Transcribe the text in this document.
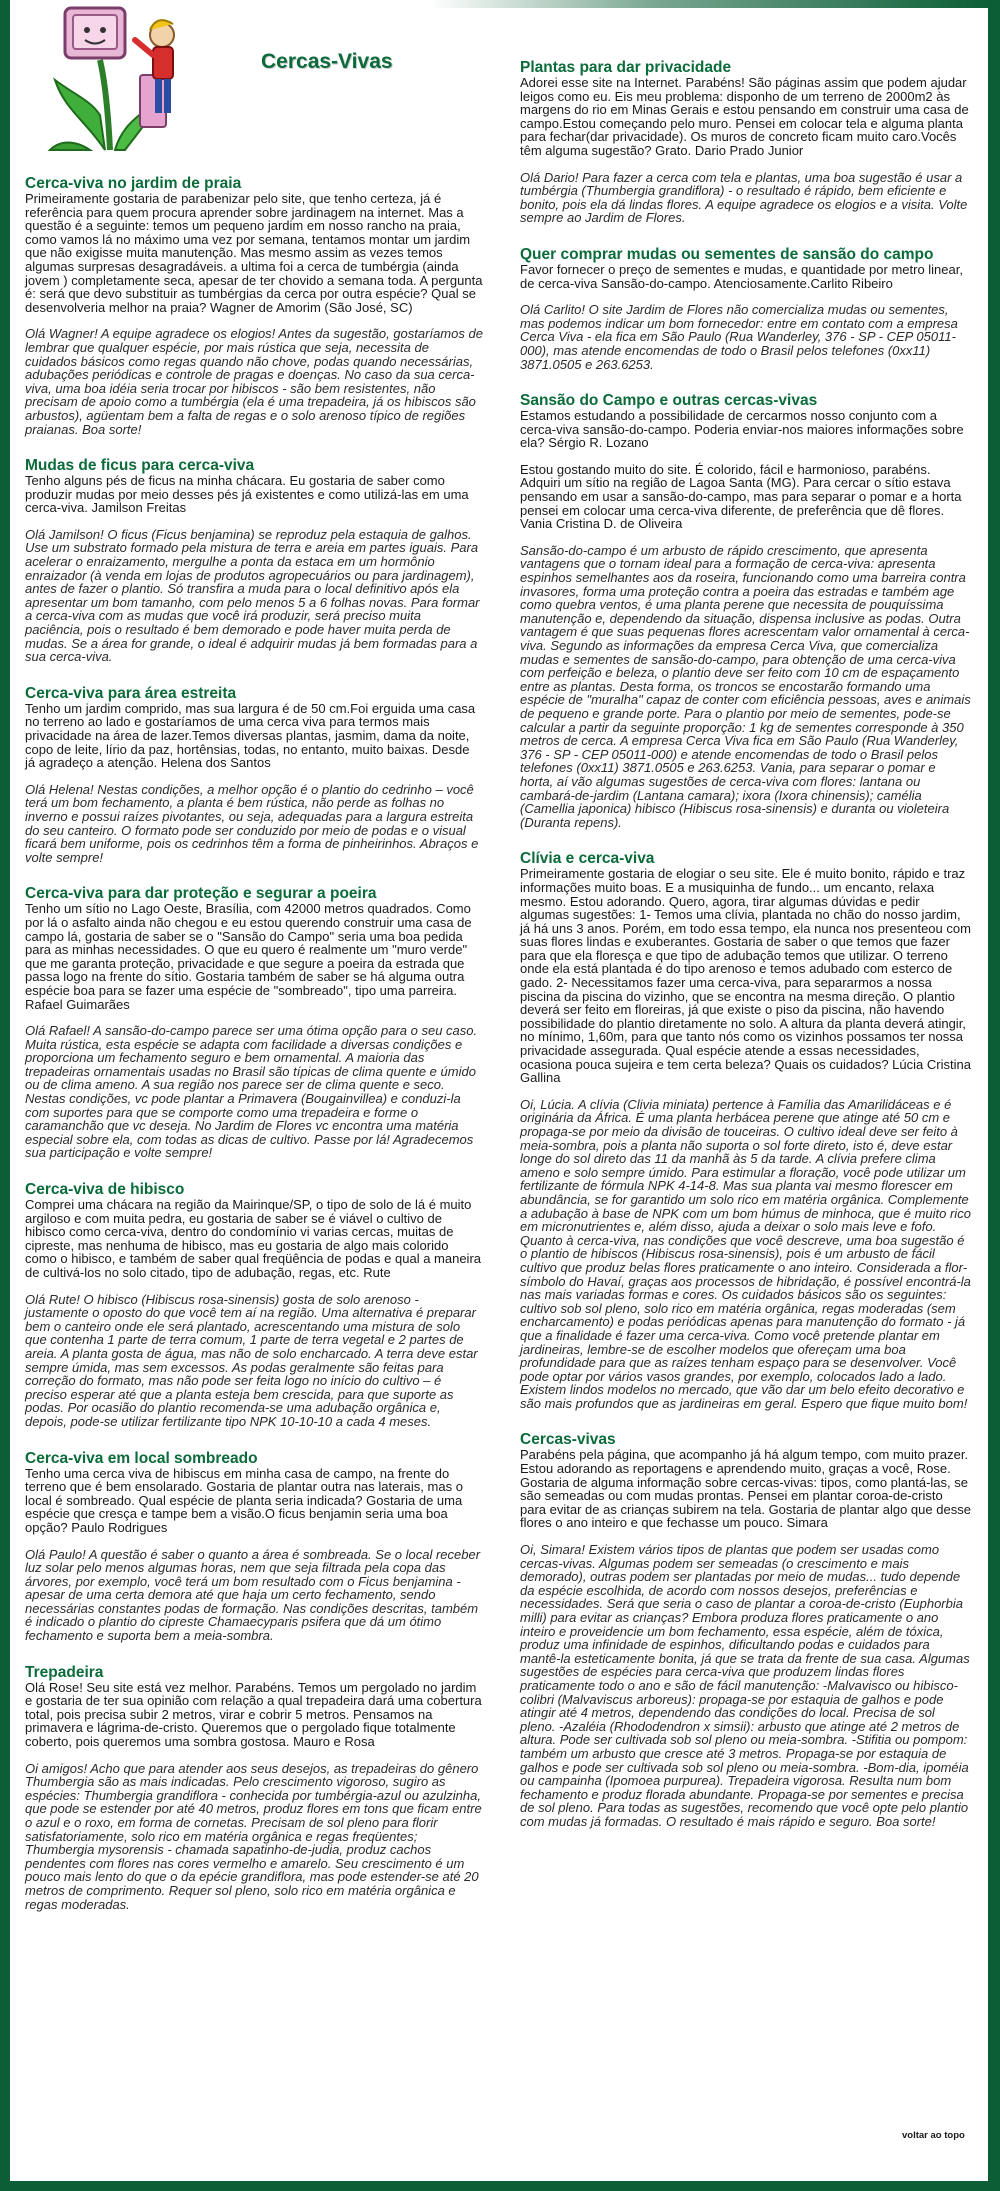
Cercas-Vivas
Cerca-viva no jardim de praia

Primeiramente gostaria de parabenizar pelo site, que tenho certeza, já é referência para quem procura aprender sobre jardinagem na internet. Mas a questão é a seguinte: temos um pequeno jardim em nosso rancho na praia, como vamos lá no máximo uma vez por semana, tentamos montar um jardim que não exigisse muita manutenção. Mas mesmo assim as vezes temos algumas surpresas desagradáveis. a ultima foi a cerca de tumbérgia (ainda jovem ) completamente seca, apesar de ter chovido a semana toda. A pergunta é: será que devo substituir as tumbérgias da cerca por outra espécie? Qual se desenvolveria melhor na praia? Wagner de Amorim (São José, SC)

Olá Wagner! A equipe agradece os elogios! Antes da sugestão, gostaríamos de lembrar que qualquer espécie, por mais rústica que seja, necessita de cuidados básicos como regas quando não chove, podas quando necessárias, adubações periódicas e controle de pragas e doenças. No caso da sua cerca-viva, uma boa idéia seria trocar por hibiscos - são bem resistentes, não precisam de apoio como a tumbérgia (ela é uma trepadeira, já os hibiscos são arbustos), agüentam bem a falta de regas e o solo arenoso típico de regiões praianas. Boa sorte!

Mudas de ficus para cerca-viva

Tenho alguns pés de ficus na minha chácara. Eu gostaria de saber como produzir mudas por meio desses pés já existentes e como utilizá-las em uma cerca-viva. Jamilson Freitas

Olá Jamilson! O ficus (Ficus benjamina) se reproduz pela estaquia de galhos. Use um substrato formado pela mistura de terra e areia em partes iguais. Para acelerar o enraizamento, mergulhe a ponta da estaca em um hormônio enraizador (à venda em lojas de produtos agropecuários ou para jardinagem), antes de fazer o plantio. Só transfira a muda para o local definitivo após ela apresentar um bom tamanho, com pelo menos 5 a 6 folhas novas. Para formar a cerca-viva com as mudas que você irá produzir, será preciso muita paciência, pois o resultado é bem demorado e pode haver muita perda de mudas. Se a área for grande, o ideal é adquirir mudas já bem formadas para a sua cerca-viva.

Cerca-viva para área estreita

Tenho um jardim comprido, mas sua largura é de 50 cm.Foi erguida uma casa no terreno ao lado e gostaríamos de uma cerca viva para termos mais privacidade na área de lazer.Temos diversas plantas, jasmim, dama da noite, copo de leite, lírio da paz, hortênsias, todas, no entanto, muito baixas. Desde já agradeço a atenção. Helena dos Santos

Olá Helena! Nestas condições, a melhor opção é o plantio do cedrinho – você terá um bom fechamento, a planta é bem rústica, não perde as folhas no inverno e possui raízes pivotantes, ou seja, adequadas para a largura estreita do seu canteiro. O formato pode ser conduzido por meio de podas e o visual ficará bem uniforme, pois os cedrinhos têm a forma de pinheirinhos. Abraços e volte sempre!

Cerca-viva para dar proteção e segurar a poeira

Tenho um sítio no Lago Oeste, Brasília, com 42000 metros quadrados. Como por lá o asfalto ainda não chegou e eu estou querendo construir uma casa de campo lá, gostaria de saber se o "Sansão do Campo" seria uma boa pedida para as minhas necessidades. O que eu quero é realmente um "muro verde" que me garanta proteção, privacidade e que segure a poeira da estrada que passa logo na frente do sítio. Gostaria também de saber se há alguma outra espécie boa para se fazer uma espécie de "sombreado", tipo uma parreira. Rafael Guimarães

Olá Rafael! A sansão-do-campo parece ser uma ótima opção para o seu caso. Muita rústica, esta espécie se adapta com facilidade a diversas condições e proporciona um fechamento seguro e bem ornamental. A maioria das trepadeiras ornamentais usadas no Brasil são típicas de clima quente e úmido ou de clima ameno. A sua região nos parece ser de clima quente e seco. Nestas condições, vc pode plantar a Primavera (Bougainvillea) e conduzi-la com suportes para que se comporte como uma trepadeira e forme o caramanchão que vc deseja. No Jardim de Flores vc encontra uma matéria especial sobre ela, com todas as dicas de cultivo. Passe por lá! Agradecemos sua participação e volte sempre!

Cerca-viva de hibisco

Comprei uma chácara na região da Mairinque/SP, o tipo de solo de lá é muito argiloso e com muita pedra, eu gostaria de saber se é viável o cultivo de hibisco como cerca-viva, dentro do condomínio vi varias cercas, muitas de cipreste, mas nenhuma de hibisco, mas eu gostaria de algo mais colorido como o hibisco, e também de saber qual freqüência de podas e qual a maneira de cultivá-los no solo citado, tipo de adubação, regas, etc. Rute

Olá Rute! O hibisco (Hibiscus rosa-sinensis) gosta de solo arenoso - justamente o oposto do que você tem aí na região. Uma alternativa é preparar bem o canteiro onde ele será plantado, acrescentando uma mistura de solo que contenha 1 parte de terra comum, 1 parte de terra vegetal e 2 partes de areia. A planta gosta de água, mas não de solo encharcado. A terra deve estar sempre úmida, mas sem excessos. As podas geralmente são feitas para correção do formato, mas não pode ser feita logo no início do cultivo – é preciso esperar até que a planta esteja bem crescida, para que suporte as podas. Por ocasião do plantio recomenda-se uma adubação orgânica e, depois, pode-se utilizar fertilizante tipo NPK 10-10-10 a cada 4 meses.

Cerca-viva em local sombreado

Tenho uma cerca viva de hibiscus em minha casa de campo, na frente do terreno que é bem ensolarado. Gostaria de plantar outra nas laterais, mas o local é sombreado. Qual espécie de planta seria indicada? Gostaria de uma espécie que cresça e tampe bem a visão.O ficus benjamin seria uma boa opção? Paulo Rodrigues

Olá Paulo! A questão é saber o quanto a área é sombreada. Se o local receber luz solar pelo menos algumas horas, nem que seja filtrada pela copa das árvores, por exemplo, você terá um bom resultado com o Ficus benjamina - apesar de uma certa demora até que haja um certo fechamento, sendo necessárias constantes podas de formação. Nas condições descritas, também é indicado o plantio do cipreste Chamaecyparis psifera que dá um ótimo fechamento e suporta bem a meia-sombra.

Trepadeira

Olá Rose! Seu site está vez melhor. Parabéns. Temos um pergolado no jardim e gostaria de ter sua opinião com relação a qual trepadeira dará uma cobertura total, pois precisa subir 2 metros, virar e cobrir 5 metros. Pensamos na primavera e lágrima-de-cristo. Queremos que o pergolado fique totalmente coberto, pois queremos uma sombra gostosa. Mauro e Rosa

Oi amigos! Acho que para atender aos seus desejos, as trepadeiras do gênero Thumbergia são as mais indicadas. Pelo crescimento vigoroso, sugiro as espécies: Thumbergia grandiflora - conhecida por tumbérgia-azul ou azulzinha, que pode se estender por até 40 metros, produz flores em tons que ficam entre o azul e o roxo, em forma de cornetas. Precisam de sol pleno para florir satisfatoriamente, solo rico em matéria orgânica e regas freqüentes; Thumbergia mysorensis - chamada sapatinho-de-judia, produz cachos pendentes com flores nas cores vermelho e amarelo. Seu crescimento é um pouco mais lento do que o da epécie grandiflora, mas pode estender-se até 20 metros de comprimento. Requer sol pleno, solo rico em matéria orgânica e regas moderadas.

Plantas para dar privacidade

Adorei esse site na Internet. Parabéns! São páginas assim que podem ajudar leigos como eu. Eis meu problema: disponho de um terreno de 2000m2 às margens do rio em Minas Gerais e estou pensando em construir uma casa de campo.Estou começando pelo muro. Pensei em colocar tela e alguma planta para fechar(dar privacidade). Os muros de concreto ficam muito caro.Vocês têm alguma sugestão? Grato. Dario Prado Junior

Olá Dario! Para fazer a cerca com tela e plantas, uma boa sugestão é usar a tumbérgia (Thumbergia grandiflora) - o resultado é rápido, bem eficiente e bonito, pois ela dá lindas flores. A equipe agradece os elogios e a visita. Volte sempre ao Jardim de Flores.

Quer comprar mudas ou sementes de sansão do campo

Favor fornecer o preço de sementes e mudas, e quantidade por metro linear, de cerca-viva Sansão-do-campo. Atenciosamente.Carlito Ribeiro

Olá Carlito! O site Jardim de Flores não comercializa mudas ou sementes, mas podemos indicar um bom fornecedor: entre em contato com a empresa Cerca Viva - ela fica em São Paulo (Rua Wanderley, 376 - SP - CEP 05011-000), mas atende encomendas de todo o Brasil pelos telefones (0xx11) 3871.0505 e 263.6253.

Sansão do Campo e outras cercas-vivas

Estamos estudando a possibilidade de cercarmos nosso conjunto com a cerca-viva sansão-do-campo. Poderia enviar-nos maiores informações sobre ela? Sérgio R. Lozano

Estou gostando muito do site. É colorido, fácil e harmonioso, parabéns. Adquiri um sítio na região de Lagoa Santa (MG). Para cercar o sítio estava pensando em usar a sansão-do-campo, mas para separar o pomar e a horta pensei em colocar uma cerca-viva diferente, de preferência que dê flores. Vania Cristina D. de Oliveira

Sansão-do-campo é um arbusto de rápido crescimento, que apresenta vantagens que o tornam ideal para a formação de cerca-viva: apresenta espinhos semelhantes aos da roseira, funcionando como uma barreira contra invasores, forma uma proteção contra a poeira das estradas e também age como quebra ventos, é uma planta perene que necessita de pouquíssima manutenção e, dependendo da situação, dispensa inclusive as podas. Outra vantagem é que suas pequenas flores acrescentam valor ornamental à cerca-viva. Segundo as informações da empresa Cerca Viva, que comercializa mudas e sementes de sansão-do-campo, para obtenção de uma cerca-viva com perfeição e beleza, o plantio deve ser feito com 10 cm de espaçamento entre as plantas. Desta forma, os troncos se encostarão formando uma espécie de "muralha" capaz de conter com eficiência pessoas, aves e animais de pequeno e grande porte. Para o plantio por meio de sementes, pode-se calcular a partir da seguinte proporção: 1 kg de sementes corresponde à 350 metros de cerca. A empresa Cerca Viva fica em São Paulo (Rua Wanderley, 376 - SP - CEP 05011-000) e atende encomendas de todo o Brasil pelos telefones (0xx11) 3871.0505 e 263.6253. Vania, para separar o pomar e horta, aí vão algumas sugestões de cerca-viva com flores: lantana ou cambará-de-jardim (Lantana camara); ixora (Ixora chinensis); camélia (Camellia japonica) hibisco (Hibiscus rosa-sinensis) e duranta ou violeteira (Duranta repens).

Clívia e cerca-viva

Primeiramente gostaria de elogiar o seu site. Ele é muito bonito, rápido e traz informações muito boas. E a musiquinha de fundo... um encanto, relaxa mesmo. Estou adorando. Quero, agora, tirar algumas dúvidas e pedir algumas sugestões: 1- Temos uma clívia, plantada no chão do nosso jardim, já há uns 3 anos. Porém, em todo essa tempo, ela nunca nos presenteou com suas flores lindas e exuberantes. Gostaria de saber o que temos que fazer para que ela floresça e que tipo de adubação temos que utilizar. O terreno onde ela está plantada é do tipo arenoso e temos adubado com esterco de gado. 2- Necessitamos fazer uma cerca-viva, para separarmos a nossa piscina da piscina do vizinho, que se encontra na mesma direção. O plantio deverá ser feito em floreiras, já que existe o piso da piscina, não havendo possibilidade do plantio diretamente no solo. A altura da planta deverá atingir, no mínimo, 1,60m, para que tanto nós como os vizinhos possamos ter nossa privacidade assegurada. Qual espécie atende a essas necessidades, ocasiona pouca sujeira e tem certa beleza? Quais os cuidados? Lúcia Cristina Gallina

Oi, Lúcia. A clívia (Clivia miniata) pertence à Família das Amarilidáceas e é originária da África. É uma planta herbácea perene que atinge até 50 cm e propaga-se por meio da divisão de touceiras. O cultivo ideal deve ser feito à meia-sombra, pois a planta não suporta o sol forte direto, isto é, deve estar longe do sol direto das 11 da manhã às 5 da tarde. A clívia prefere clima ameno e solo sempre úmido. Para estimular a floração, você pode utilizar um fertilizante de fórmula NPK 4-14-8. Mas sua planta vai mesmo florescer em abundância, se for garantido um solo rico em matéria orgânica. Complemente a adubação à base de NPK com um bom húmus de minhoca, que é muito rico em micronutrientes e, além disso, ajuda a deixar o solo mais leve e fofo. Quanto à cerca-viva, nas condições que você descreve, uma boa sugestão é o plantio de hibiscos (Hibiscus rosa-sinensis), pois é um arbusto de fácil cultivo que produz belas flores praticamente o ano inteiro. Considerada a flor-símbolo do Havaí, graças aos processos de hibridação, é possível encontrá-la nas mais variadas formas e cores. Os cuidados básicos são os seguintes: cultivo sob sol pleno, solo rico em matéria orgânica, regas moderadas (sem encharcamento) e podas periódicas apenas para manutenção do formato - já que a finalidade é fazer uma cerca-viva. Como você pretende plantar em jardineiras, lembre-se de escolher modelos que ofereçam uma boa profundidade para que as raízes tenham espaço para se desenvolver. Você pode optar por vários vasos grandes, por exemplo, colocados lado a lado. Existem lindos modelos no mercado, que vão dar um belo efeito decorativo e são mais profundos que as jardineiras em geral. Espero que fique muito bom!

Cercas-vivas

Parabéns pela página, que acompanho já há algum tempo, com muito prazer. Estou adorando as reportagens e aprendendo muito, graças a você, Rose. Gostaria de alguma informação sobre cercas-vivas: tipos, como plantá-las, se são semeadas ou com mudas prontas. Pensei em plantar coroa-de-cristo para evitar de as crianças subirem na tela. Gostaria de plantar algo que desse flores o ano inteiro e que fechasse um pouco. Simara

Oi, Simara! Existem vários tipos de plantas que podem ser usadas como cercas-vivas. Algumas podem ser semeadas (o crescimento e mais demorado), outras podem ser plantadas por meio de mudas... tudo depende da espécie escolhida, de acordo com nossos desejos, preferências e necessidades. Será que seria o caso de plantar a coroa-de-cristo (Euphorbia milli) para evitar as crianças? Embora produza flores praticamente o ano inteiro e proveidencie um bom fechamento, essa espécie, além de tóxica, produz uma infinidade de espinhos, dificultando podas e cuidados para mantê-la esteticamente bonita, já que se trata da frente de sua casa. Algumas sugestões de espécies para cerca-viva que produzem lindas flores praticamente todo o ano e são de fácil manutenção: -Malvavisco ou hibisco-colibri (Malvaviscus arboreus): propaga-se por estaquia de galhos e pode atingir até 4 metros, dependendo das condições do local. Precisa de sol pleno. -Azaléia (Rhododendron x simsii): arbusto que atinge até 2 metros de altura. Pode ser cultivada sob sol pleno ou meia-sombra. -Stifitia ou pompom: também um arbusto que cresce até 3 metros. Propaga-se por estaquia de galhos e pode ser cultivada sob sol pleno ou meia-sombra. -Bom-dia, ipoméia ou campainha (Ipomoea purpurea). Trepadeira vigorosa. Resulta num bom fechamento e produz florada abundante. Propaga-se por sementes e precisa de sol pleno. Para todas as sugestões, recomendo que você opte pelo plantio com mudas já formadas. O resultado é mais rápido e seguro. Boa sorte!

voltar ao topo
